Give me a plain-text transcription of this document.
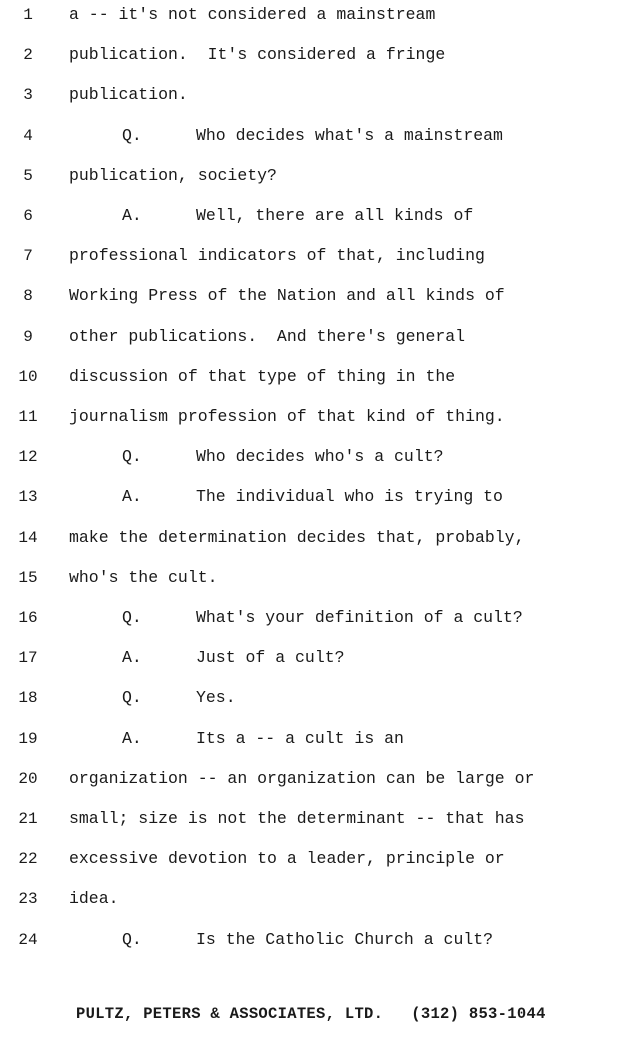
1	a -- it's not considered a mainstream
2	publication.  It's considered a fringe
3	publication.
4	Q.	Who decides what's a mainstream
5	publication, society?
6	A.	Well, there are all kinds of
7	professional indicators of that, including
8	Working Press of the Nation and all kinds of
9	other publications.  And there's general
10 discussion of that type of thing in the
11 journalism profession of that kind of thing.
12	Q.	Who decides who's a cult?
13	A.	The individual who is trying to
14 make the determination decides that, probably,
15 who's the cult.
16	Q.	What's your definition of a cult?
17	A.	Just of a cult?
18	Q.	Yes.
19	A.	Its a -- a cult is an
20 organization -- an organization can be large or
21 small; size is not the determinant -- that has
22 excessive devotion to a leader, principle or
23 idea.
24	Q.	Is the Catholic Church a cult?
PULTZ, PETERS & ASSOCIATES, LTD. (312) 853-1044
